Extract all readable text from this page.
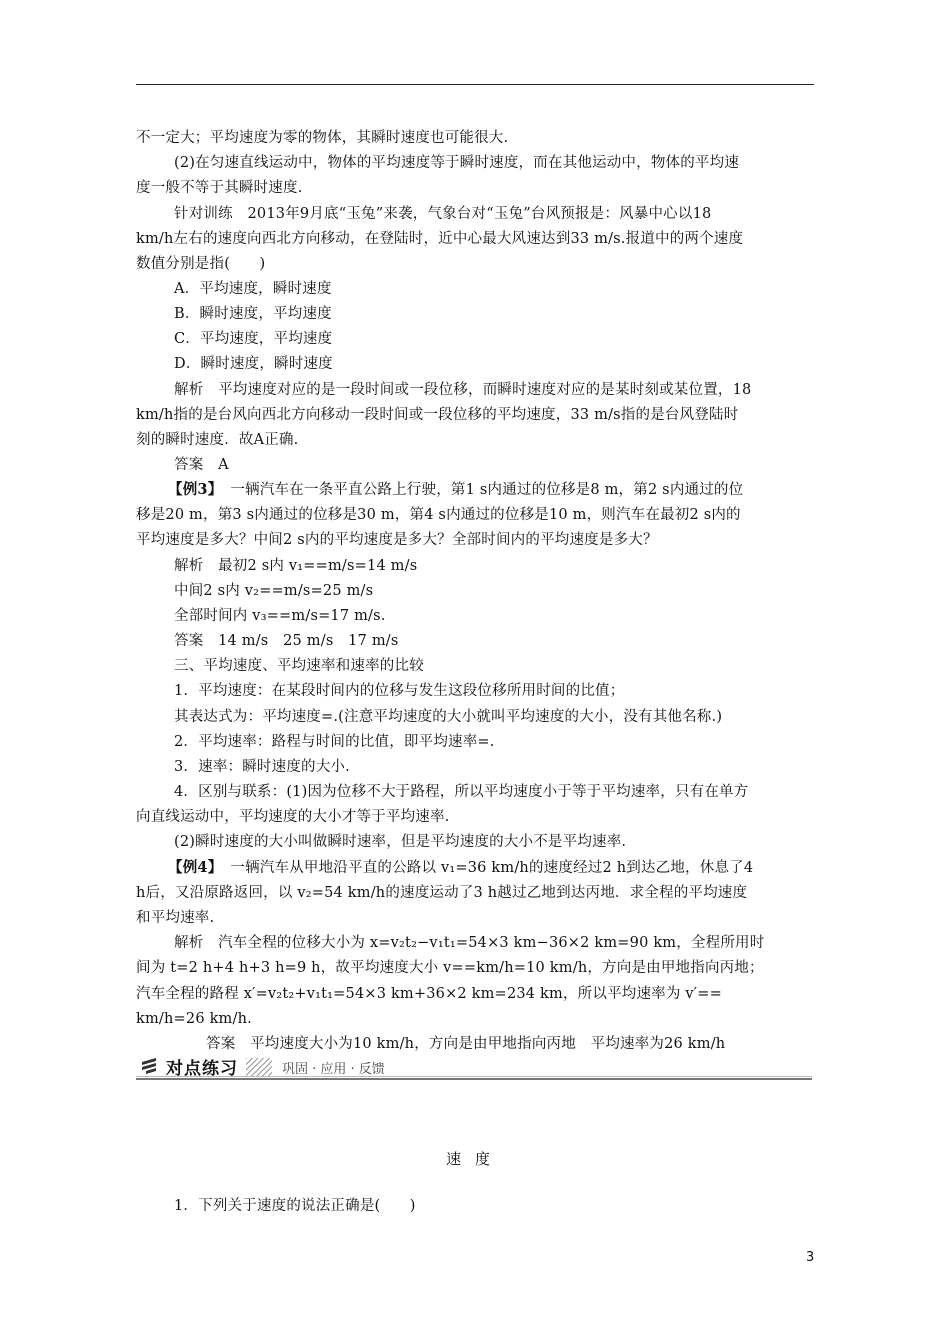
不一定大；平均速度为零的物体，其瞬时速度也可能很大.
(2)在匀速直线运动中，物体的平均速度等于瞬时速度，而在其他运动中，物体的平均速
度一般不等于其瞬时速度.
针对训练　2013年9月底“玉兔”来袭，气象台对“玉兔”台风预报是：风暴中心以18
km/h左右的速度向西北方向移动，在登陆时，近中心最大风速达到33 m/s.报道中的两个速度
数值分别是指(　　)
A．平均速度，瞬时速度
B．瞬时速度，平均速度
C．平均速度，平均速度
D．瞬时速度，瞬时速度
解析　平均速度对应的是一段时间或一段位移，而瞬时速度对应的是某时刻或某位置，18
km/h指的是台风向西北方向移动一段时间或一段位移的平均速度，33 m/s指的是台风登陆时
刻的瞬时速度．故A正确.
答案　A
【例3】 一辆汽车在一条平直公路上行驶，第1 s内通过的位移是8 m，第2 s内通过的位
移是20 m，第3 s内通过的位移是30 m，第4 s内通过的位移是10 m，则汽车在最初2 s内的
平均速度是多大？中间2 s内的平均速度是多大？全部时间内的平均速度是多大？
解析　最初2 s内 v₁==m/s=14 m/s
中间2 s内 v₂==m/s=25 m/s
全部时间内 v₃==m/s=17 m/s.
答案　14 m/s　25 m/s　17 m/s
三、平均速度、平均速率和速率的比较
1．平均速度：在某段时间内的位移与发生这段位移所用时间的比值；
其表达式为：平均速度=.(注意平均速度的大小就叫平均速度的大小，没有其他名称.)
2．平均速率：路程与时间的比值，即平均速率=.
3．速率：瞬时速度的大小.
4．区别与联系：(1)因为位移不大于路程，所以平均速度小于等于平均速率，只有在单方
向直线运动中，平均速度的大小才等于平均速率.
(2)瞬时速度的大小叫做瞬时速率，但是平均速度的大小不是平均速率.
【例4】 一辆汽车从甲地沿平直的公路以 v₁=36 km/h的速度经过2 h到达乙地，休息了4
h后，又沿原路返回，以 v₂=54 km/h的速度运动了3 h越过乙地到达丙地．求全程的平均速度
和平均速率.
解析　汽车全程的位移大小为 x=v₂t₂−v₁t₁=54×3 km−36×2 km=90 km，全程所用时
间为 t=2 h+4 h+3 h=9 h，故平均速度大小 v==km/h=10 km/h，方向是由甲地指向丙地；
汽车全程的路程 x′=v₂t₂+v₁t₁=54×3 km+36×2 km=234 km，所以平均速率为 v′==
km/h=26 km/h.
答案　平均速度大小为10 km/h，方向是由甲地指向丙地　平均速率为26 km/h
对点练习	巩固 · 应用 · 反馈
速度
1．下列关于速度的说法正确是(　　)
3
